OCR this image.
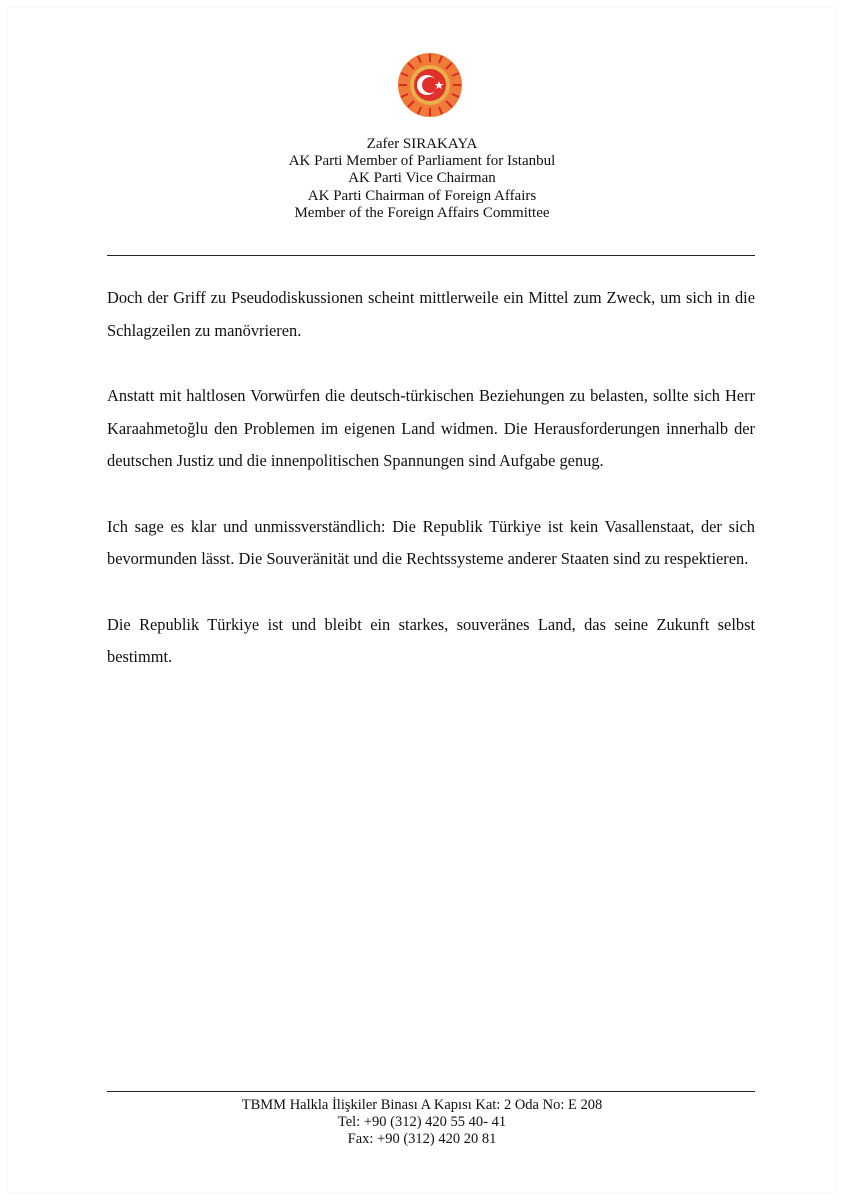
Zafer SIRAKAYA
AK Parti Member of Parliament for Istanbul
AK Parti Vice Chairman
AK Parti Chairman of Foreign Affairs
Member of the Foreign Affairs Committee

Doch der Griff zu Pseudodiskussionen scheint mittlerweile ein Mittel zum Zweck, um sich in die Schlagzeilen zu manövrieren.

Anstatt mit haltlosen Vorwürfen die deutsch-türkischen Beziehungen zu belasten, sollte sich Herr Karaahmetoğlu den Problemen im eigenen Land widmen. Die Herausforderungen innerhalb der deutschen Justiz und die innenpolitischen Spannungen sind Aufgabe genug.

Ich sage es klar und unmissverständlich: Die Republik Türkiye ist kein Vasallenstaat, der sich bevormunden lässt. Die Souveränität und die Rechtssysteme anderer Staaten sind zu respektieren.

Die Republik Türkiye ist und bleibt ein starkes, souveränes Land, das seine Zukunft selbst bestimmt.

TBMM Halkla İlişkiler Binası A Kapısı Kat: 2 Oda No: E 208
Tel: +90 (312) 420 55 40- 41
Fax: +90 (312) 420 20 81
